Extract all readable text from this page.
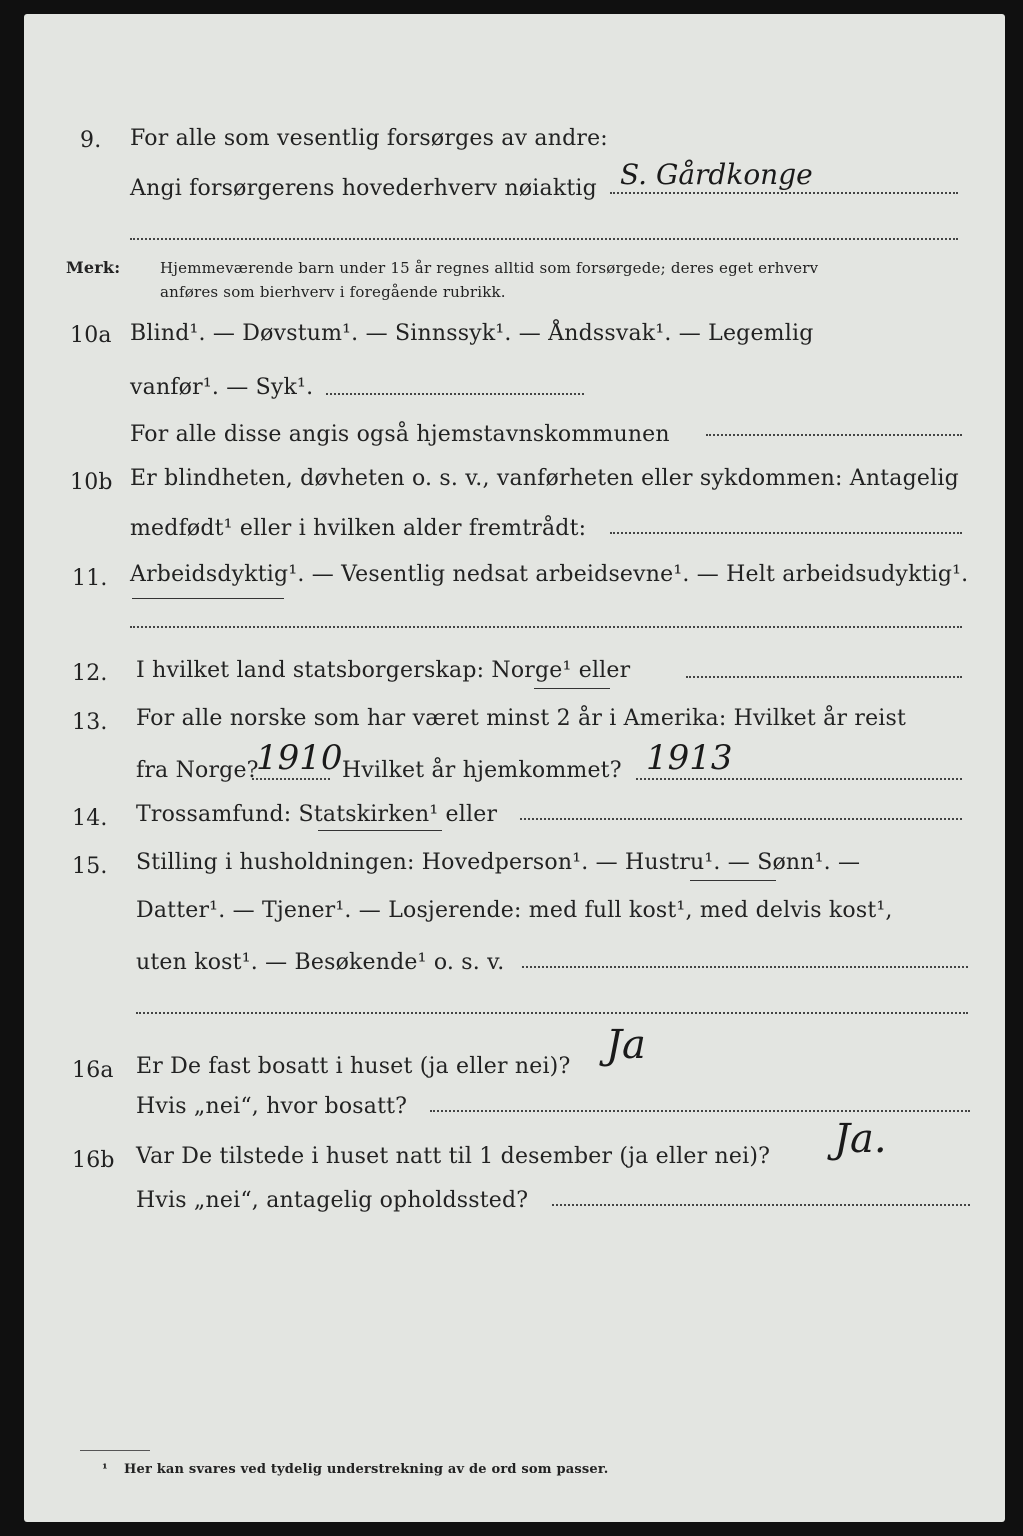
9. For alle som vesentlig forsørges av andre:
Angi forsørgerens hovederhverv nøiaktig S. Gårdkonge
Merk:	Hjemmeværende barn under 15 år regnes alltid som forsørgede; deres eget erhverv
anføres som bierhverv i foregående rubrikk.
10a Blind¹. — Døvstum¹. — Sinnssyk¹. — Åndssvak¹. — Legemlig
vanfør¹. — Syk¹.
For alle disse angis også hjemstavnskommunen
10b Er blindheten, døvheten o. s. v., vanførheten eller sykdommen: Antagelig
medfødt¹ eller i hvilken alder fremtrådt:
11. Arbeidsdyktig¹. — Vesentlig nedsat arbeidsevne¹. — Helt arbeidsudyktig¹.
12. I hvilket land statsborgerskap: Norge¹ eller
13. For alle norske som har været minst 2 år i Amerika: Hvilket år reist
fra Norge?
1910 Hvilket år hjemkommet? 1913
14. Trossamfund: Statskirken¹ eller
15. Stilling i husholdningen: Hovedperson¹. — Hustru¹. — Sønn¹. —
Datter¹. — Tjener¹. — Losjerende: med full kost¹, med delvis kost¹,
uten kost¹. — Besøkende¹ o. s. v.
16a Er De fast bosatt i huset (ja eller nei)? Ja
Hvis „nei“, hvor bosatt?
16b Var De tilstede i huset natt til 1 desember (ja eller nei)? Ja.
Hvis „nei“, antagelig opholdssted?
¹ Her kan svares ved tydelig understrekning av de ord som passer.
